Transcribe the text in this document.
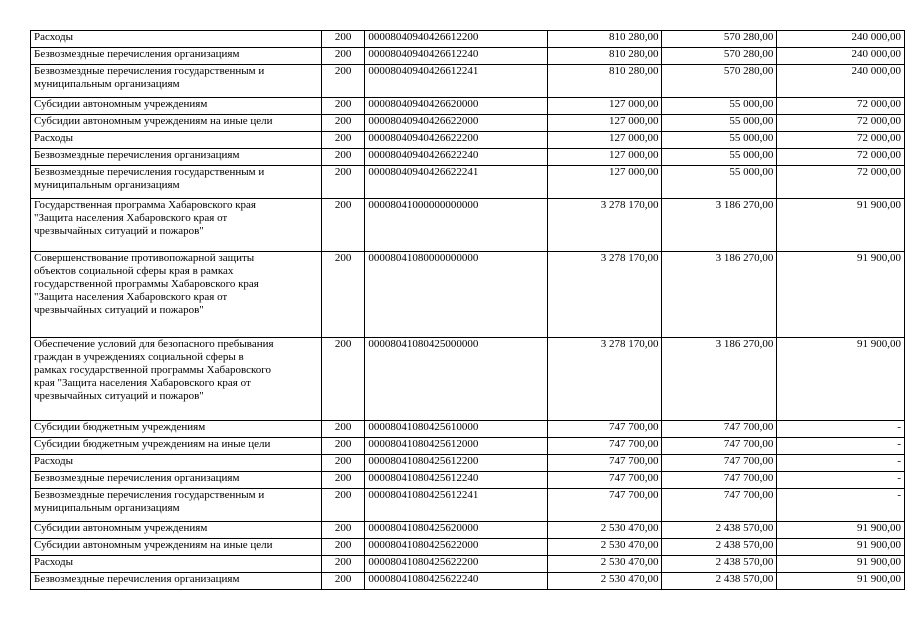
Расходы	200	00008040940426612200	810 280,00	570 280,00	240 000,00
Безвозмездные перечисления организациям	200	00008040940426612240	810 280,00	570 280,00	240 000,00
Безвозмездные перечисления государственным и
муниципальным организациям	200	00008040940426612241	810 280,00	570 280,00	240 000,00
Субсидии автономным учреждениям	200	00008040940426620000	127 000,00	55 000,00	72 000,00
Субсидии автономным учреждениям на иные цели	200	00008040940426622000	127 000,00	55 000,00	72 000,00
Расходы	200	00008040940426622200	127 000,00	55 000,00	72 000,00
Безвозмездные перечисления организациям	200	00008040940426622240	127 000,00	55 000,00	72 000,00
Безвозмездные перечисления государственным и
муниципальным организациям	200	00008040940426622241	127 000,00	55 000,00	72 000,00
Государственная программа Хабаровского края
"Защита населения Хабаровского края от
чрезвычайных ситуаций и пожаров"	200	00008041000000000000	3 278 170,00	3 186 270,00	91 900,00
Совершенствование противопожарной защиты
объектов социальной сферы края в рамках
государственной программы Хабаровского края
"Защита населения Хабаровского края от
чрезвычайных ситуаций и пожаров"	200	00008041080000000000	3 278 170,00	3 186 270,00	91 900,00
Обеспечение условий для безопасного пребывания
граждан в учреждениях социальной сферы в
рамках государственной программы Хабаровского
края "Защита населения Хабаровского края от
чрезвычайных ситуаций и пожаров"	200	00008041080425000000	3 278 170,00	3 186 270,00	91 900,00
Субсидии бюджетным учреждениям	200	00008041080425610000	747 700,00	747 700,00	-
Субсидии бюджетным учреждениям на иные цели	200	00008041080425612000	747 700,00	747 700,00	-
Расходы	200	00008041080425612200	747 700,00	747 700,00	-
Безвозмездные перечисления организациям	200	00008041080425612240	747 700,00	747 700,00	-
Безвозмездные перечисления государственным и
муниципальным организациям	200	00008041080425612241	747 700,00	747 700,00	-
Субсидии автономным учреждениям	200	00008041080425620000	2 530 470,00	2 438 570,00	91 900,00
Субсидии автономным учреждениям на иные цели	200	00008041080425622000	2 530 470,00	2 438 570,00	91 900,00
Расходы	200	00008041080425622200	2 530 470,00	2 438 570,00	91 900,00
Безвозмездные перечисления организациям	200	00008041080425622240	2 530 470,00	2 438 570,00	91 900,00
